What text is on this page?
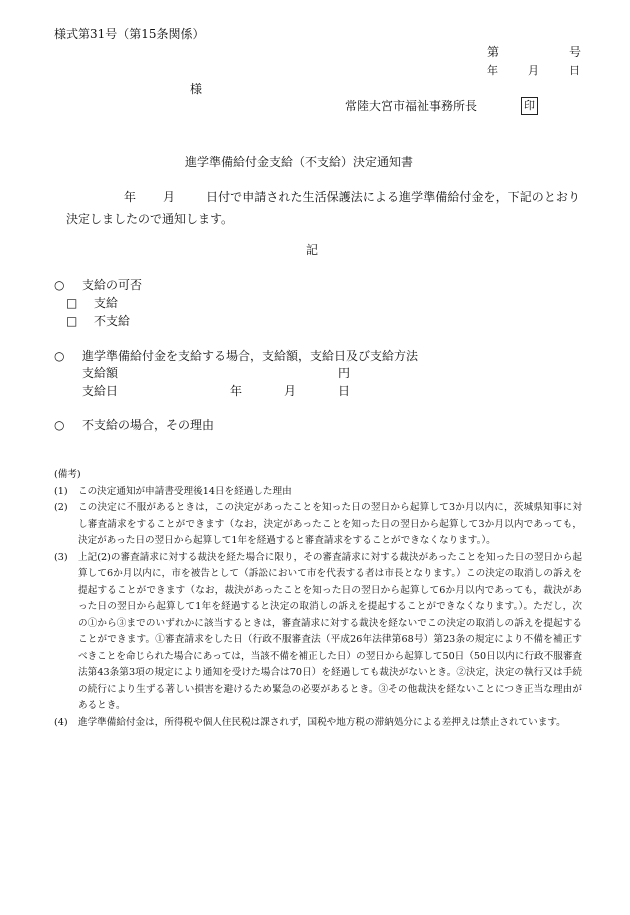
様式第31号（第15条関係）
第	号
年	月	日
様
常陸大宮市福祉事務所長	印
進学準備給付金支給（不支給）決定通知書
年 月	日付で申請された生活保護法による進学準備給付金を，下記のとおり決定しましたので通知します。
記
○ 支給の可否
□ 支給
□ 不支給
○ 進学準備給付金を支給する場合，支給額，支給日及び支給方法
支給額	円
支給日	年	月	日
○ 不支給の場合，その理由
(備考)
(1)	この決定通知が申請書受理後14日を経過した理由
(2)	この決定に不服があるときは，この決定があったことを知った日の翌日から起算して3か月以内に，茨城県知事に対し審査請求をすることができます（なお，決定があったことを知った日の翌日から起算して3か月以内であっても，決定があった日の翌日から起算して1年を経過すると審査請求をすることができなくなります。）。
(3)	上記(2)の審査請求に対する裁決を経た場合に限り，その審査請求に対する裁決があったことを知った日の翌日から起算して6か月以内に，市を被告として（訴訟において市を代表する者は市長となります。）この決定の取消しの訴えを提起することができます（なお，裁決があったことを知った日の翌日から起算して6か月以内であっても，裁決があった日の翌日から起算して1年を経過すると決定の取消しの訴えを提起することができなくなります。）。ただし，次の①から③までのいずれかに該当するときは，審査請求に対する裁決を経ないでこの決定の取消しの訴えを提起することができます。①審査請求をした日（行政不服審査法（平成26年法律第68号）第23条の規定により不備を補正すべきことを命じられた場合にあっては，当該不備を補正した日）の翌日から起算して50日（50日以内に行政不服審査法第43条第3項の規定により通知を受けた場合は70日）を経過しても裁決がないとき。②決定，決定の執行又は手続の続行により生ずる著しい損害を避けるため緊急の必要があるとき。③その他裁決を経ないことにつき正当な理由があるとき。
(4)	進学準備給付金は，所得税や個人住民税は課されず，国税や地方税の滞納処分による差押えは禁止されています。
